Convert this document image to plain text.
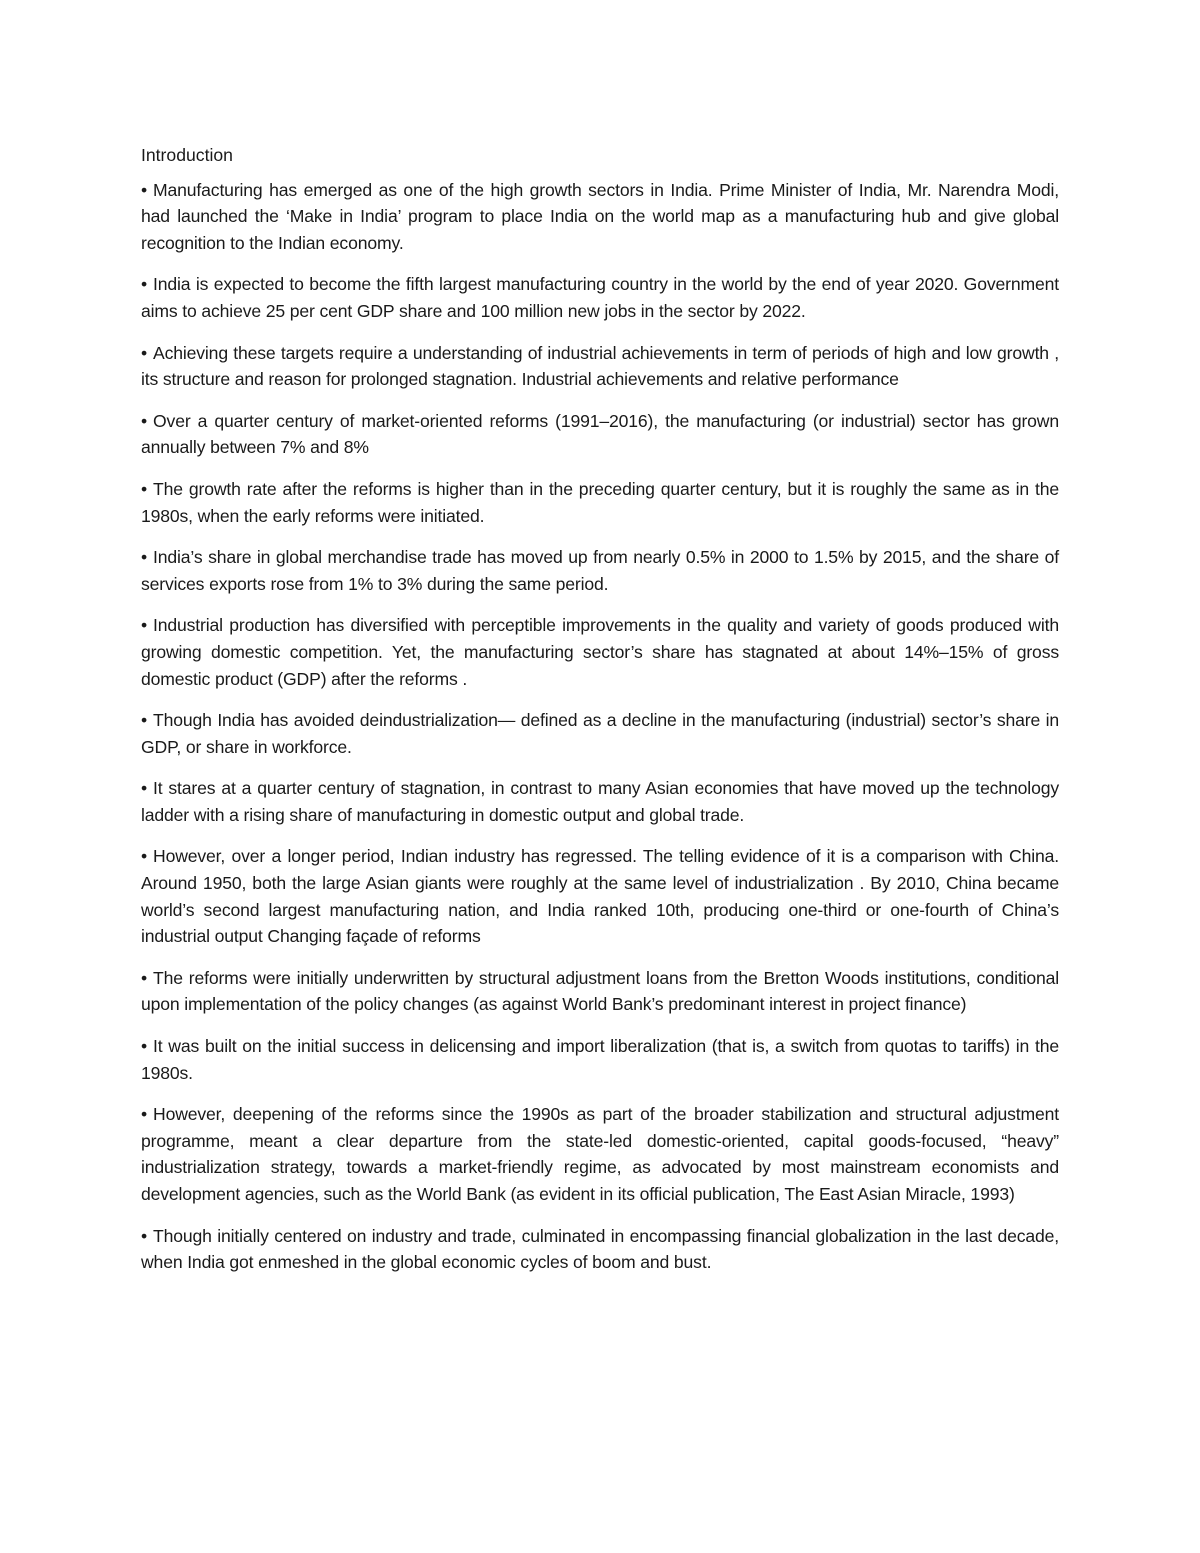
Introduction

• Manufacturing has emerged as one of the high growth sectors in India. Prime Minister of India, Mr. Narendra Modi, had launched the ‘Make in India’ program to place India on the world map as a manufacturing hub and give global recognition to the Indian economy.

• India is expected to become the fifth largest manufacturing country in the world by the end of year 2020. Government aims to achieve 25 per cent GDP share and 100 million new jobs in the sector by 2022.

• Achieving these targets require a understanding of industrial achievements in term of periods of high and low growth , its structure and reason for prolonged stagnation. Industrial achievements and relative performance

• Over a quarter century of market-oriented reforms (1991–2016), the manufacturing (or industrial) sector has grown annually between 7% and 8%

• The growth rate after the reforms is higher than in the preceding quarter century, but it is roughly the same as in the 1980s, when the early reforms were initiated.

• India’s share in global merchandise trade has moved up from nearly 0.5% in 2000 to 1.5% by 2015, and the share of services exports rose from 1% to 3% during the same period.

• Industrial production has diversified with perceptible improvements in the quality and variety of goods produced with growing domestic competition. Yet, the manufacturing sector’s share has stagnated at about 14%–15% of gross domestic product (GDP) after the reforms .

• Though India has avoided deindustrialization— defined as a decline in the manufacturing (industrial) sector’s share in GDP, or share in workforce.

• It stares at a quarter century of stagnation, in contrast to many Asian economies that have moved up the technology ladder with a rising share of manufacturing in domestic output and global trade.

• However, over a longer period, Indian industry has regressed. The telling evidence of it is a comparison with China. Around 1950, both the large Asian giants were roughly at the same level of industrialization . By 2010, China became world’s second largest manufacturing nation, and India ranked 10th, producing one-third or one-fourth of China’s industrial output Changing façade of reforms

• The reforms were initially underwritten by structural adjustment loans from the Bretton Woods institutions, conditional upon implementation of the policy changes (as against World Bank’s predominant interest in project finance)

• It was built on the initial success in delicensing and import liberalization (that is, a switch from quotas to tariffs) in the 1980s.

• However, deepening of the reforms since the 1990s as part of the broader stabilization and structural adjustment programme, meant a clear departure from the state-led domestic-oriented, capital goods-focused, “heavy” industrialization strategy, towards a market-friendly regime, as advocated by most mainstream economists and development agencies, such as the World Bank (as evident in its official publication, The East Asian Miracle, 1993)

• Though initially centered on industry and trade, culminated in encompassing financial globalization in the last decade, when India got enmeshed in the global economic cycles of boom and bust.
